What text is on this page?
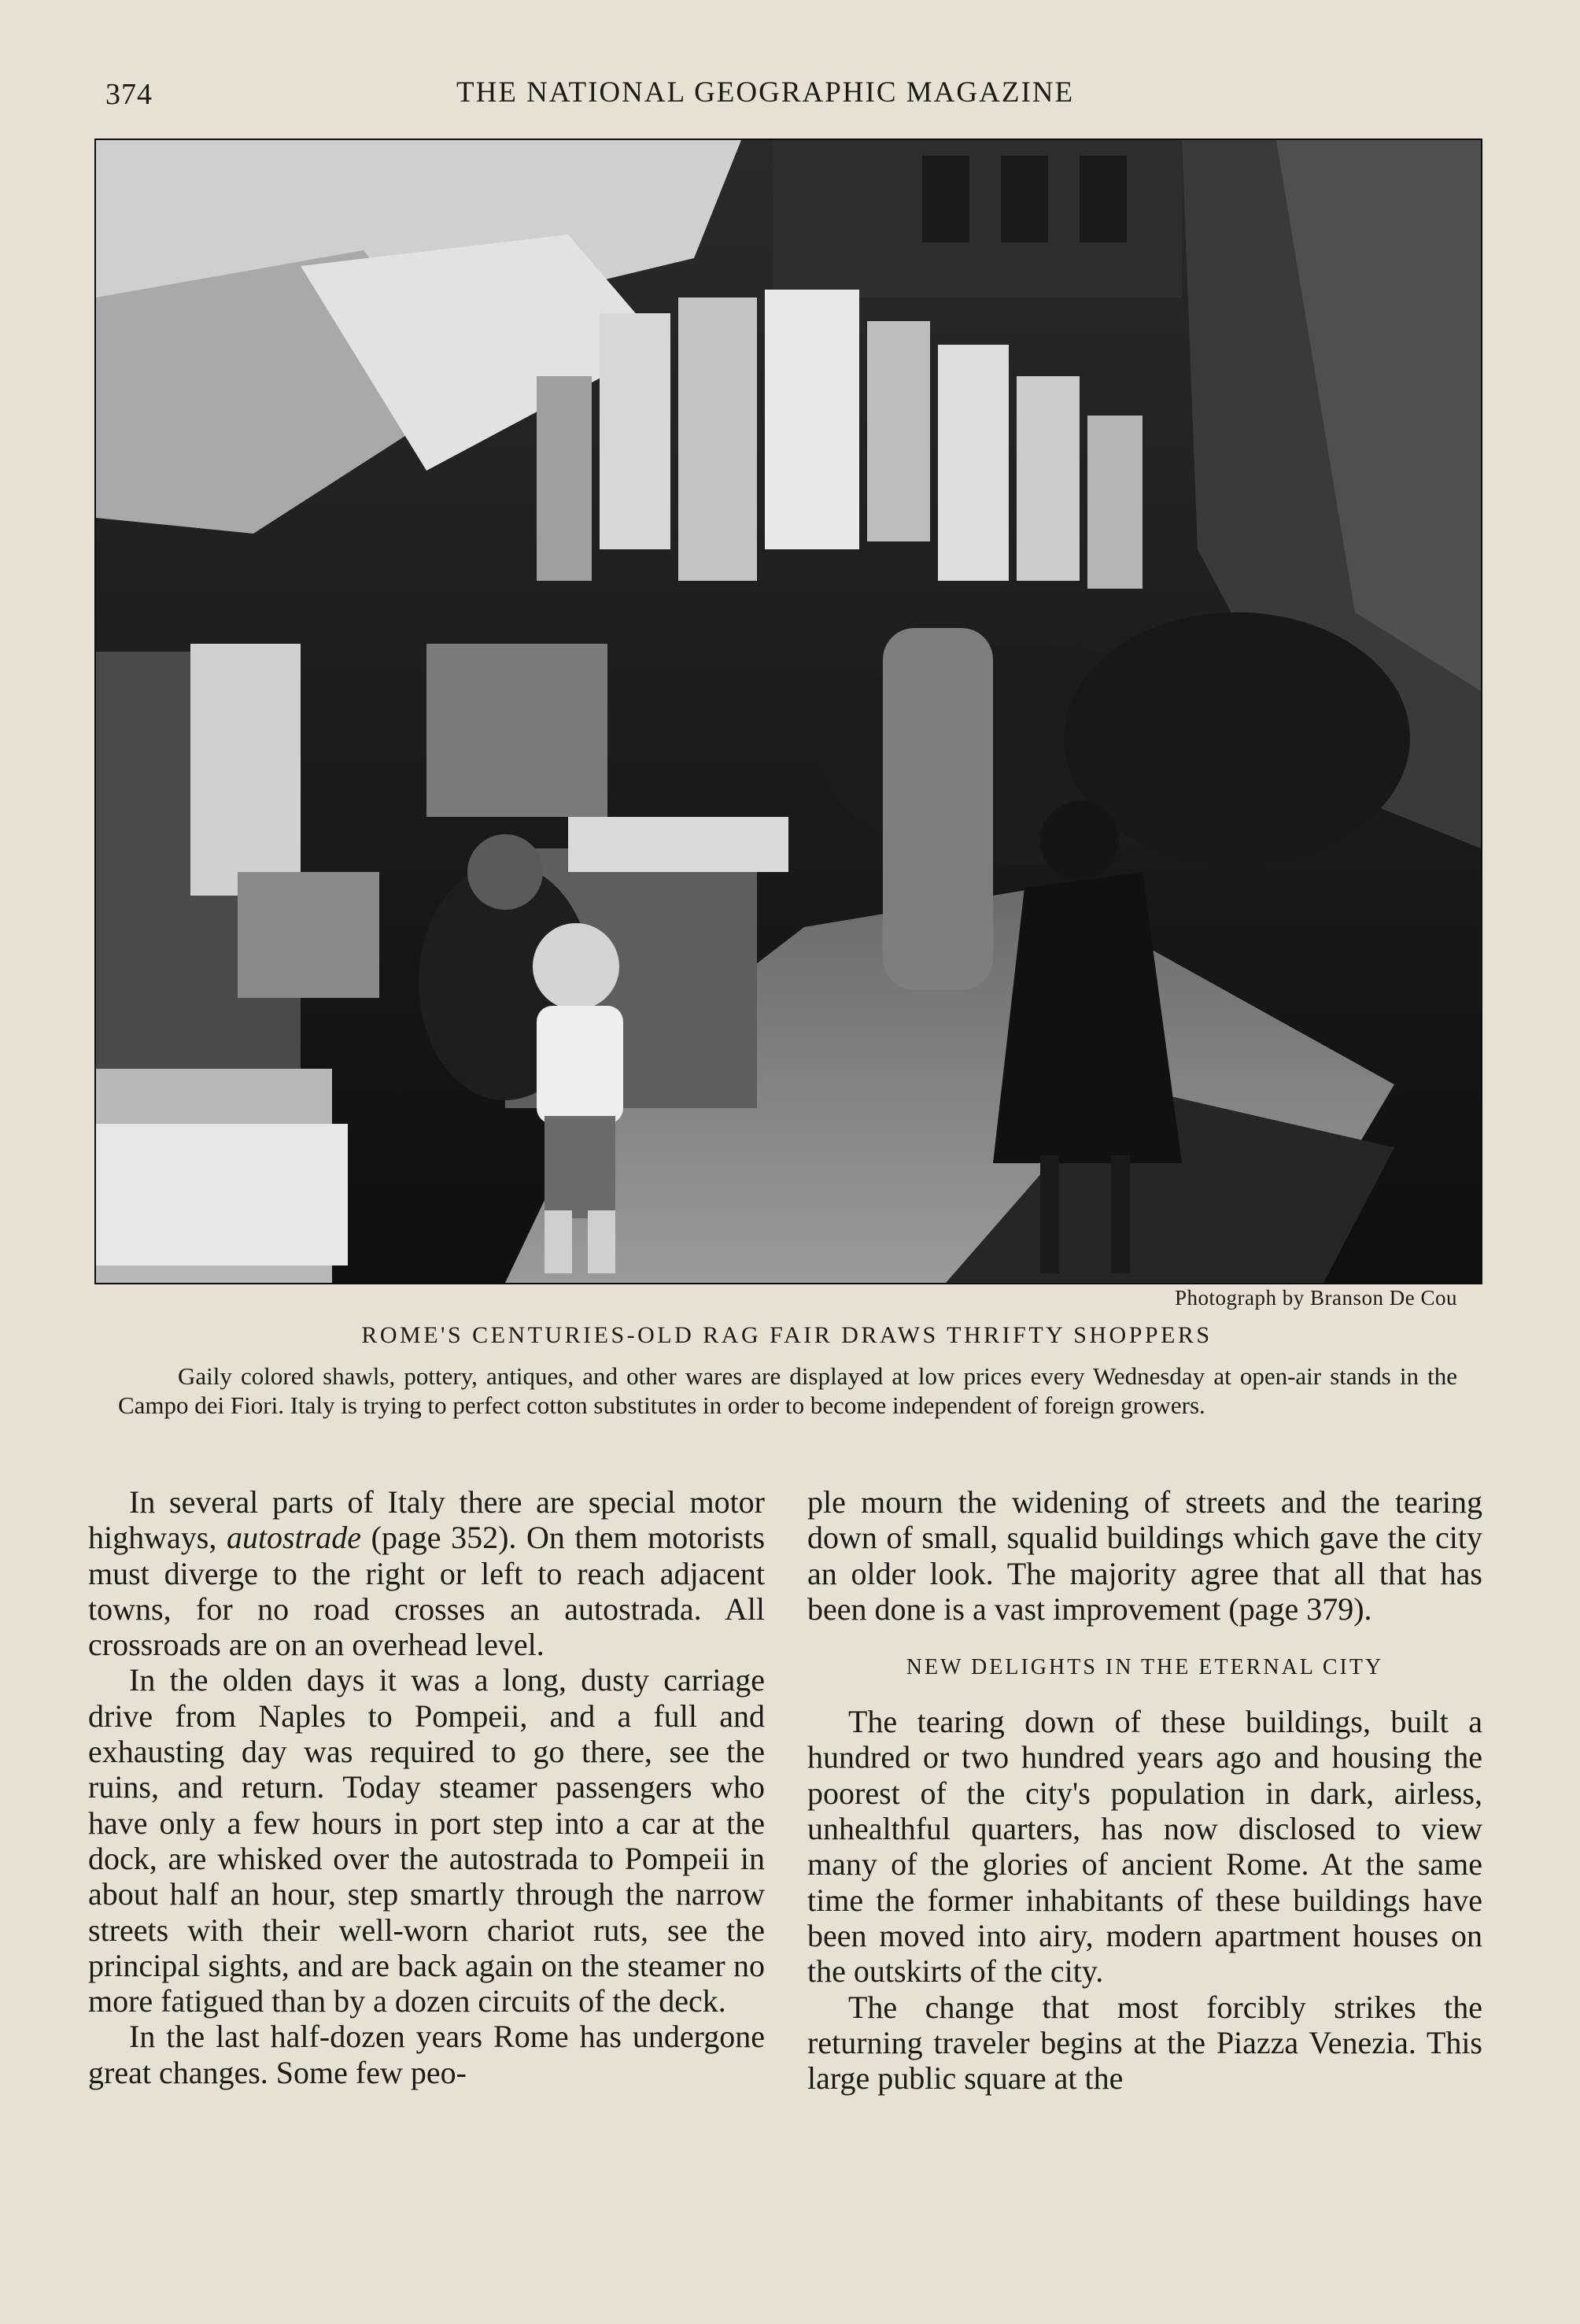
374	THE NATIONAL GEOGRAPHIC MAGAZINE
Photograph by Branson De Cou
ROME'S CENTURIES-OLD RAG FAIR DRAWS THRIFTY SHOPPERS
Gaily colored shawls, pottery, antiques, and other wares are displayed at low prices every Wednesday at open-air stands in the Campo dei Fiori. Italy is trying to perfect cotton substitutes in order to become independent of foreign growers.

In several parts of Italy there are special motor highways, autostrade (page 352). On them motorists must diverge to the right or left to reach adjacent towns, for no road crosses an autostrada. All crossroads are on an overhead level.

In the olden days it was a long, dusty carriage drive from Naples to Pompeii, and a full and exhausting day was required to go there, see the ruins, and return. Today steamer passengers who have only a few hours in port step into a car at the dock, are whisked over the autostrada to Pompeii in about half an hour, step smartly through the narrow streets with their well-worn chariot ruts, see the principal sights, and are back again on the steamer no more fatigued than by a dozen circuits of the deck.

In the last half-dozen years Rome has undergone great changes. Some few peo-

ple mourn the widening of streets and the tearing down of small, squalid buildings which gave the city an older look. The majority agree that all that has been done is a vast improvement (page 379).

NEW DELIGHTS IN THE ETERNAL CITY

The tearing down of these buildings, built a hundred or two hundred years ago and housing the poorest of the city's population in dark, airless, unhealthful quarters, has now disclosed to view many of the glories of ancient Rome. At the same time the former inhabitants of these buildings have been moved into airy, modern apartment houses on the outskirts of the city.

The change that most forcibly strikes the returning traveler begins at the Piazza Venezia. This large public square at the
